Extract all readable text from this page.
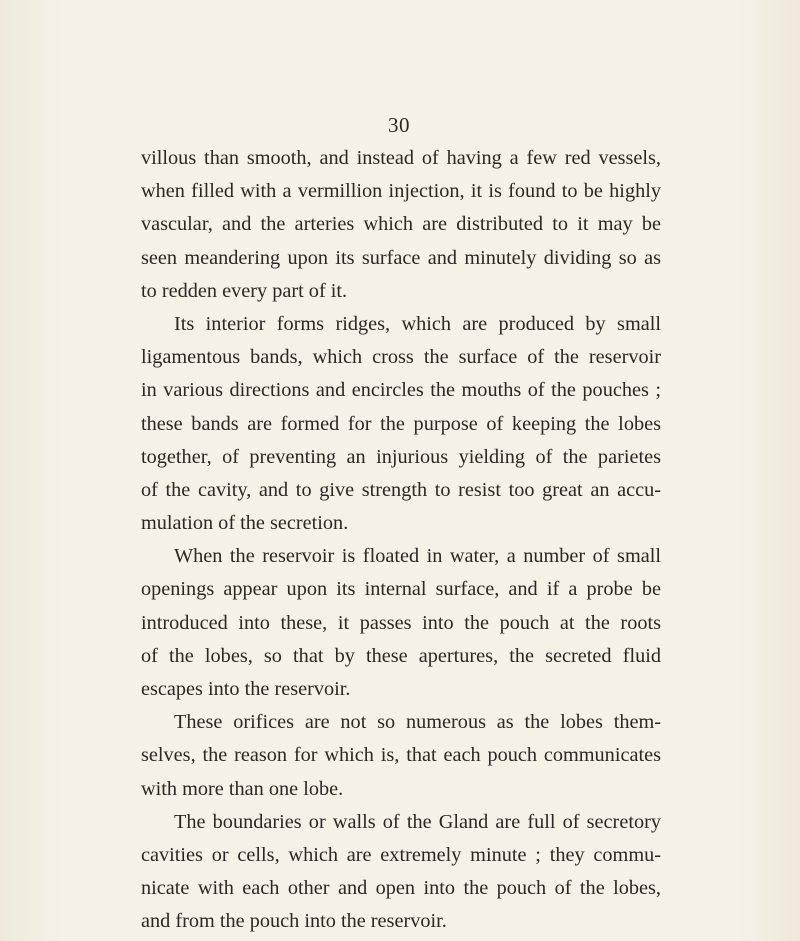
30
villous than smooth, and instead of having a few red vessels,
when filled with a vermillion injection, it is found to be highly
vascular, and the arteries which are distributed to it may be
seen meandering upon its surface and minutely dividing so as
to redden every part of it.
Its interior forms ridges, which are produced by small
ligamentous bands, which cross the surface of the reservoir
in various directions and encircles the mouths of the pouches ;
these bands are formed for the purpose of keeping the lobes
together, of preventing an injurious yielding of the parietes
of the cavity, and to give strength to resist too great an accu-
mulation of the secretion.
When the reservoir is floated in water, a number of small
openings appear upon its internal surface, and if a probe be
introduced into these, it passes into the pouch at the roots
of the lobes, so that by these apertures, the secreted fluid
escapes into the reservoir.
These orifices are not so numerous as the lobes them-
selves, the reason for which is, that each pouch communicates
with more than one lobe.
The boundaries or walls of the Gland are full of secretory
cavities or cells, which are extremely minute ; they commu-
nicate with each other and open into the pouch of the lobes,
and from the pouch into the reservoir.
